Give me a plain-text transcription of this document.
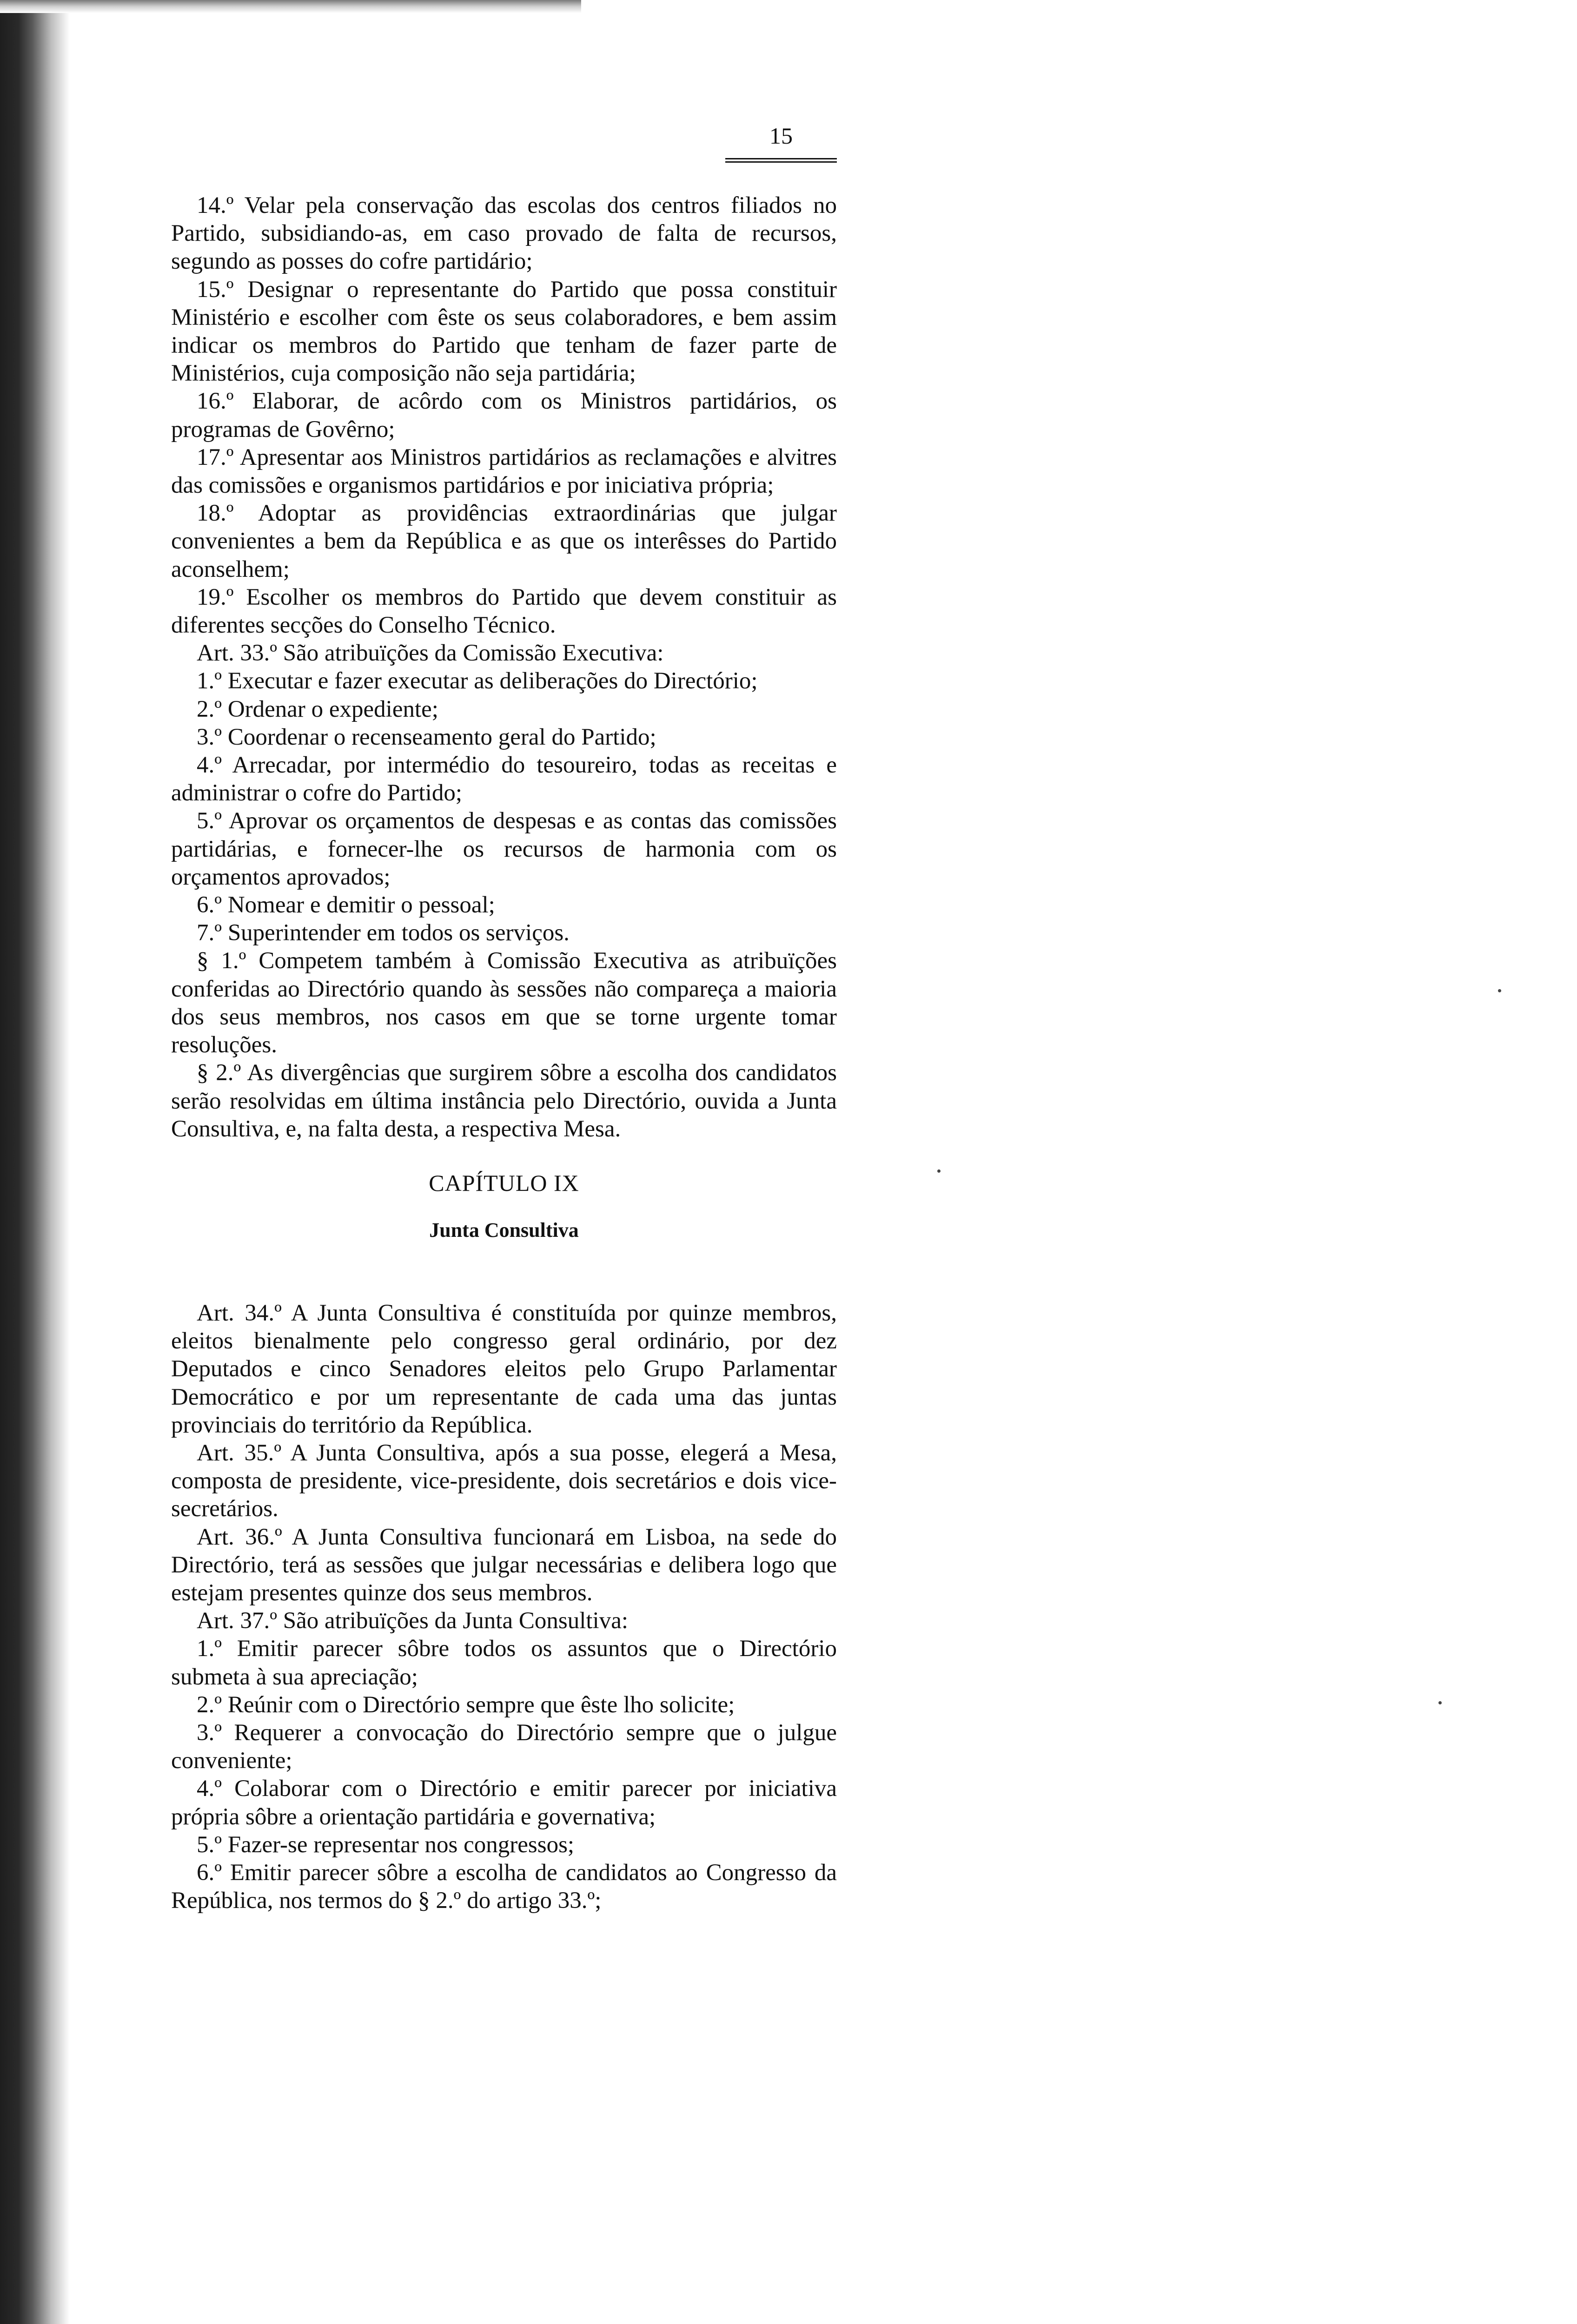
15

14.º Velar pela conservação das escolas dos centros filiados no Partido, subsidiando-as, em caso provado de falta de recursos, segundo as posses do cofre partidário;

15.º Designar o representante do Partido que possa constituir Ministério e escolher com êste os seus colaboradores, e bem assim indicar os membros do Partido que tenham de fazer parte de Ministérios, cuja composição não seja partidária;

16.º Elaborar, de acôrdo com os Ministros partidários, os programas de Govêrno;

17.º Apresentar aos Ministros partidários as reclamações e alvitres das comissões e organismos partidários e por iniciativa própria;

18.º Adoptar as providências extraordinárias que julgar convenientes a bem da República e as que os interêsses do Partido aconselhem;

19.º Escolher os membros do Partido que devem constituir as diferentes secções do Conselho Técnico.

Art. 33.º São atribuïções da Comissão Executiva:

1.º Executar e fazer executar as deliberações do Directório;

2.º Ordenar o expediente;

3.º Coordenar o recenseamento geral do Partido;

4.º Arrecadar, por intermédio do tesoureiro, todas as receitas e administrar o cofre do Partido;

5.º Aprovar os orçamentos de despesas e as contas das comissões partidárias, e fornecer-lhe os recursos de harmonia com os orçamentos aprovados;

6.º Nomear e demitir o pessoal;

7.º Superintender em todos os serviços.

§ 1.º Competem também à Comissão Executiva as atribuïções conferidas ao Directório quando às sessões não compareça a maioria dos seus membros, nos casos em que se torne urgente tomar resoluções.

§ 2.º As divergências que surgirem sôbre a escolha dos candidatos serão resolvidas em última instância pelo Directório, ouvida a Junta Consultiva, e, na falta desta, a respectiva Mesa.

CAPÍTULO IX
Junta Consultiva

Art. 34.º A Junta Consultiva é constituída por quinze membros, eleitos bienalmente pelo congresso geral ordinário, por dez Deputados e cinco Senadores eleitos pelo Grupo Parlamentar Democrático e por um representante de cada uma das juntas provinciais do território da República.

Art. 35.º A Junta Consultiva, após a sua posse, elegerá a Mesa, composta de presidente, vice-presidente, dois secretários e dois vice-secretários.

Art. 36.º A Junta Consultiva funcionará em Lisboa, na sede do Directório, terá as sessões que julgar necessárias e delibera logo que estejam presentes quinze dos seus membros.

Art. 37.º São atribuïções da Junta Consultiva:

1.º Emitir parecer sôbre todos os assuntos que o Directório submeta à sua apreciação;

2.º Reúnir com o Directório sempre que êste lho solicite;

3.º Requerer a convocação do Directório sempre que o julgue conveniente;

4.º Colaborar com o Directório e emitir parecer por iniciativa própria sôbre a orientação partidária e governativa;

5.º Fazer-se representar nos congressos;

6.º Emitir parecer sôbre a escolha de candidatos ao Congresso da República, nos termos do § 2.º do artigo 33.º;
